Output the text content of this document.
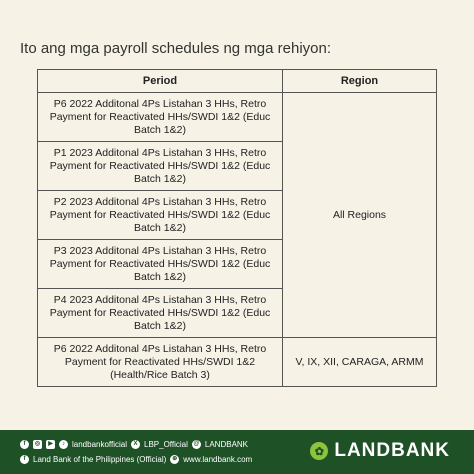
Ito ang mga payroll schedules ng mga rehiyon:
Period	Region

P6 2022 Additonal 4Ps Listahan 3 HHs, Retro Payment for Reactivated HHs/SWDI 1&2 (Educ Batch 1&2)	All Regions

P1 2023 Additonal 4Ps Listahan 3 HHs, Retro Payment for Reactivated HHs/SWDI 1&2 (Educ Batch 1&2)	

P2 2023 Additonal 4Ps Listahan 3 HHs, Retro Payment for Reactivated HHs/SWDI 1&2 (Educ Batch 1&2)	

P3 2023 Additonal 4Ps Listahan 3 HHs, Retro Payment for Reactivated HHs/SWDI 1&2 (Educ Batch 1&2)	

P4 2023 Additonal 4Ps Listahan 3 HHs, Retro Payment for Reactivated HHs/SWDI 1&2 (Educ Batch 1&2)	

P6 2022 Additonal 4Ps Listahan 3 HHs, Retro Payment for Reactivated HHs/SWDI 1&2 (Health/Rice Batch 3)	V, IX, XII, CARAGA, ARMM
f	◎	▶	♪ landbankofficial	X LBP_Official @ LANDBANK
f Land Bank of the Philippines (Official) ⊕ www.landbank.com
✿ LANDBANK
